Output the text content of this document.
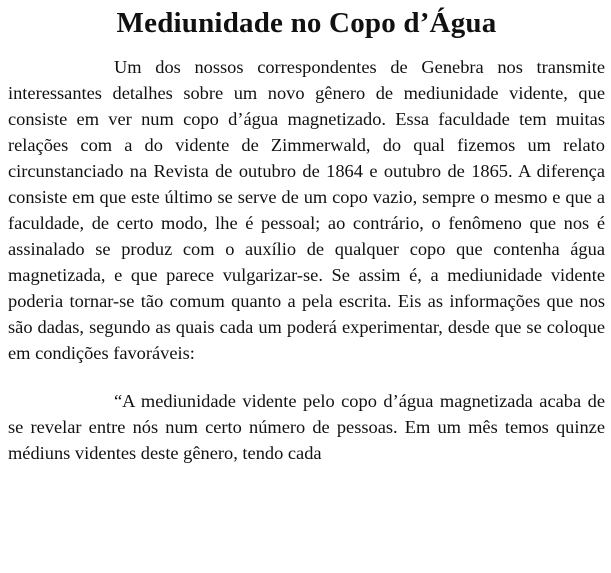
Mediunidade no Copo d’Água

Um dos nossos correspondentes de Genebra nos transmite interessantes detalhes sobre um novo gênero de mediunidade vidente, que consiste em ver num copo d’água magnetizado. Essa faculdade tem muitas relações com a do vidente de Zimmerwald, do qual fizemos um relato circunstanciado na Revista de outubro de 1864 e outubro de 1865. A diferença consiste em que este último se serve de um copo vazio, sempre o mesmo e que a faculdade, de certo modo, lhe é pessoal; ao contrário, o fenômeno que nos é assinalado se produz com o auxílio de qualquer copo que contenha água magnetizada, e que parece vulgarizar-se. Se assim é, a mediunidade vidente poderia tornar-se tão comum quanto a pela escrita. Eis as informações que nos são dadas, segundo as quais cada um poderá experimentar, desde que se coloque em condições favoráveis:

“A mediunidade vidente pelo copo d’água magnetizada acaba de se revelar entre nós num certo número de pessoas. Em um mês temos quinze médiuns videntes deste gênero, tendo cada
